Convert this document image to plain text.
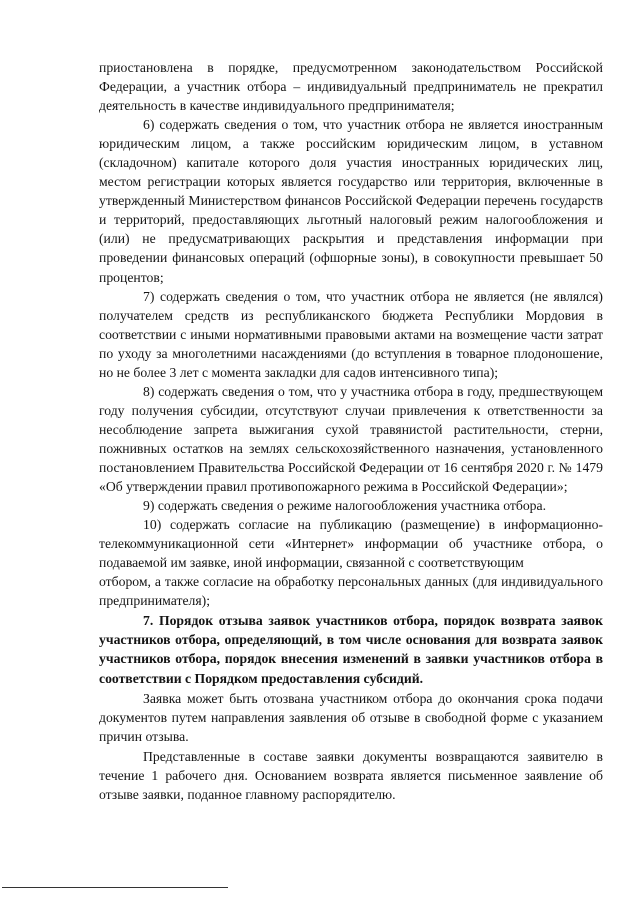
приостановлена в порядке, предусмотренном законодательством Российской Федерации, а участник отбора – индивидуальный предприниматель не прекратил деятельность в качестве индивидуального предпринимателя;

6) содержать сведения о том, что участник отбора не является иностранным юридическим лицом, а также российским юридическим лицом, в уставном (складочном) капитале которого доля участия иностранных юридических лиц, местом регистрации которых является государство или территория, включенные в утвержденный Министерством финансов Российской Федерации перечень государств и территорий, предоставляющих льготный налоговый режим налогообложения и (или) не предусматривающих раскрытия и представления информации при проведении финансовых операций (офшорные зоны), в совокупности превышает 50 процентов;

7) содержать сведения о том, что участник отбора не является (не являлся) получателем средств из республиканского бюджета Республики Мордовия в соответствии с иными нормативными правовыми актами на возмещение части затрат по уходу за многолетними насаждениями (до вступления в товарное плодоношение, но не более 3 лет с момента закладки для садов интенсивного типа);

8) содержать сведения о том, что у участника отбора в году, предшествующем году получения субсидии, отсутствуют случаи привлечения к ответственности за несоблюдение запрета выжигания сухой травянистой растительности, стерни, пожнивных остатков на землях сельскохозяйственного назначения, установленного постановлением Правительства Российской Федерации от 16 сентября 2020 г. № 1479 «Об утверждении правил противопожарного режима в Российской Федерации»;

9) содержать сведения о режиме налогообложения участника отбора.

10) содержать согласие на публикацию (размещение) в информационно-телекоммуникационной сети «Интернет» информации об участнике отбора, о подаваемой им заявке, иной информации, связанной с соответствующим

отбором, а также согласие на обработку персональных данных (для индивидуального предпринимателя);

7. Порядок отзыва заявок участников отбора, порядок возврата заявок участников отбора, определяющий, в том числе основания для возврата заявок участников отбора, порядок внесения изменений в заявки участников отбора в соответствии с Порядком предоставления субсидий.

Заявка может быть отозвана участником отбора до окончания срока подачи документов путем направления заявления об отзыве в свободной форме с указанием причин отзыва.

Представленные в составе заявки документы возвращаются заявителю в течение 1 рабочего дня. Основанием возврата является письменное заявление об отзыве заявки, поданное главному распорядителю.
